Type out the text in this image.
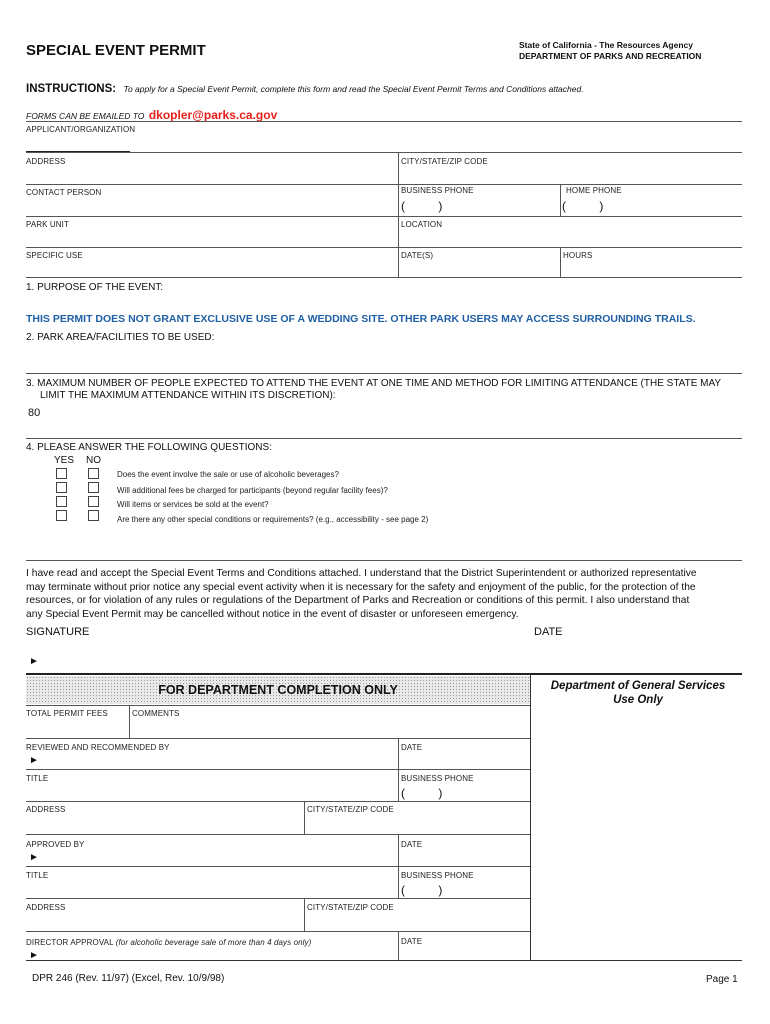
SPECIAL EVENT PERMIT	State of California - The Resources Agency
DEPARTMENT OF PARKS AND RECREATION
INSTRUCTIONS: To apply for a Special Event Permit, complete this form and read the Special Event Permit Terms and Conditions attached.
FORMS CAN BE EMAILED TO dkopler@parks.ca.gov
APPLICANT/ORGANIZATION
ADDRESS	CITY/STATE/ZIP CODE
CONTACT PERSON	BUSINESS PHONE	HOME PHONE
(          )	(          )
PARK UNIT	LOCATION
SPECIFIC USE	DATE(S)	HOURS
1. PURPOSE OF THE EVENT:
THIS PERMIT DOES NOT GRANT EXCLUSIVE USE OF A WEDDING SITE. OTHER PARK USERS MAY ACCESS SURROUNDING TRAILS.
2. PARK AREA/FACILITIES TO BE USED:
3. MAXIMUM NUMBER OF PEOPLE EXPECTED TO ATTEND THE EVENT AT ONE TIME AND METHOD FOR LIMITING ATTENDANCE (THE STATE MAY
LIMIT THE MAXIMUM ATTENDANCE WITHIN ITS DISCRETION):
80
4. PLEASE ANSWER THE FOLLOWING QUESTIONS:
YES NO
Does the event involve the sale or use of alcoholic beverages?
Will additional fees be charged for participants (beyond regular facility fees)?
Will items or services be sold at the event?
Are there any other special conditions or requirements? (e.g., accessibility - see page 2)
I have read and accept the Special Event Terms and Conditions attached. I understand that the District Superintendent or authorized representative
may terminate without prior notice any special event activity when it is necessary for the safety and enjoyment of the public, for the protection of the
resources, or for violation of any rules or regulations of the Department of Parks and Recreation or conditions of this permit. I also understand that
any Special Event Permit may be cancelled without notice in the event of disaster or unforeseen emergency.
SIGNATURE	DATE
►
FOR DEPARTMENT COMPLETION ONLY	Department of General Services
Use Only
TOTAL PERMIT FEES	COMMENTS
REVIEWED AND RECOMMENDED BY	DATE
►
TITLE	BUSINESS PHONE
(          )
ADDRESS	CITY/STATE/ZIP CODE
APPROVED BY	DATE
►
TITLE	BUSINESS PHONE
(          )
ADDRESS	CITY/STATE/ZIP CODE
DIRECTOR APPROVAL (for alcoholic beverage sale of more than 4 days only)	DATE
►
DPR 246 (Rev. 11/97) (Excel, Rev. 10/9/98)	Page 1
